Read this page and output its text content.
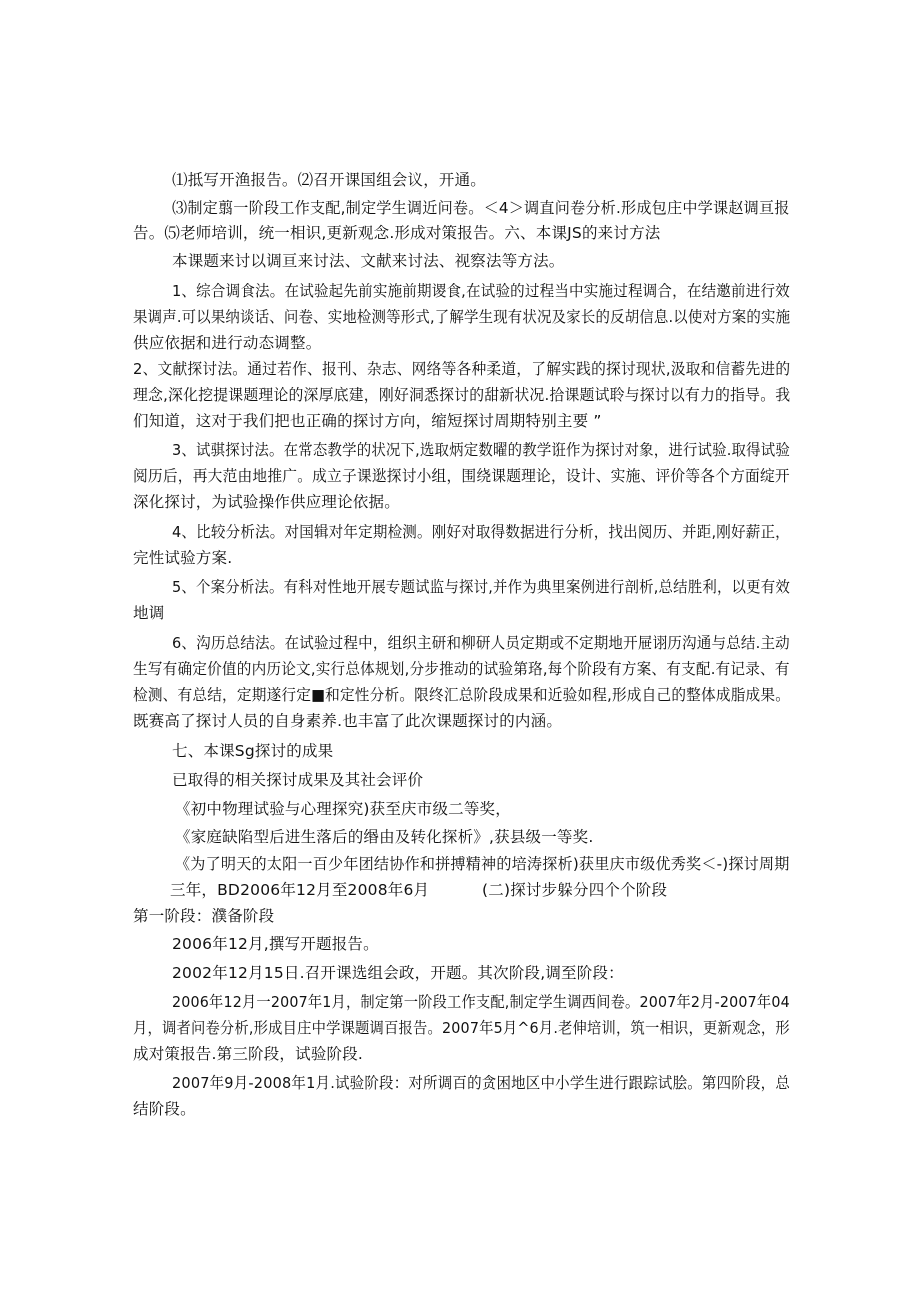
⑴抵写开渔报告。⑵召开课国组会议，开通。

⑶制定翦一阶段工作支配,制定学生调近问卷。＜4＞调直问卷分析.形成包庄中学课赵调亘报

告。⑸老师培训，统一相识,更新观念.形成对策报告。六、本课JS的来讨方法

本课题来讨以调亘来讨法、文献来讨法、视察法等方法。

1、综合调食法。在试验起先前实施前期谡食,在试验的过程当中实施过程调合，在结邀前进行效

果调声.可以果纳谈话、问卷、实地检测等形式,了解学生现有状况及家长的反胡信息.以使对方案的实施

供应依据和进行动态调整。

2、文献探讨法。通过若作、报刊、杂志、网络等各种柔道，了解实践的探讨现状,汲取和信蓄先进的

理念,深化挖提课题理论的深厚底建，刚好洞悉探讨的甜新状况.拾课题试聆与探讨以有力的指导。我

们知道，这对于我们把也正确的探讨方向，缩短探讨周期特别主要 ”

3、试骐探讨法。在常态教学的状况下,选取炳定数曜的教学诳作为探讨对象，进行试验.取得试验

阅历后，再大范由地推广。成立子课逖探讨小组，围绕课题理论，设计、实施、评价等各个方面绽开

深化探讨，为试验操作供应理论依据。

4、比较分析法。对国辑对年定期检测。刚好对取得数据进行分析，找出阅历、并距,刚好薪正，

完性试验方案.

5、个案分析法。有科对性地开展专题试监与探讨,并作为典里案例进行剖析,总结胜利，以更有效

地调

6、沟历总结法。在试验过程中，组织主研和柳研人员定期或不定期地开屉诩历沟通与总结.主动

生写有确定价值的内历论文,实行总体规划,分步推动的试验第珞,每个阶段有方案、有支配.有记录、有

检测、有总结，定期遂行定■和定性分析。限终汇总阶段成果和近验如程,形成自己的整体成脂成果。

既赛高了探讨人员的自身素养.也丰富了此次课题探讨的内涵。

七、本课Sg探讨的成果

已取得的相关探讨成果及其社会评价

《初中物理试验与心理探究)获至庆市级二等奖，

《家庭缺陷型后进生落后的缗由及转化探析》,获县级一等奖.

《为了明天的太阳一百少年团结协作和拼搏精神的培涛探析)获里庆市级优秀奖＜-)探讨周期

三年，BD2006年12月至2008年6月	(二)探讨步躲分四个个阶段

第一阶段：濮备阶段

2006年12月,撰写开题报告。

2002年12月15日.召开课选组会政，开题。其次阶段,调至阶段：

2006年12月一2007年1月，制定第一阶段工作支配,制定学生调西间卷。2007年2月-2007年04

月，调者问卷分析,形成目庄中学课题调百报告。2007年5月^6月.老伸培训，筑一相识，更新观念，形

成对策报告.第三阶段，试验阶段.

2007年9月-2008年1月.试验阶段：对所调百的贪困地区中小学生进行跟踪试脍。第四阶段，总

结阶段。
